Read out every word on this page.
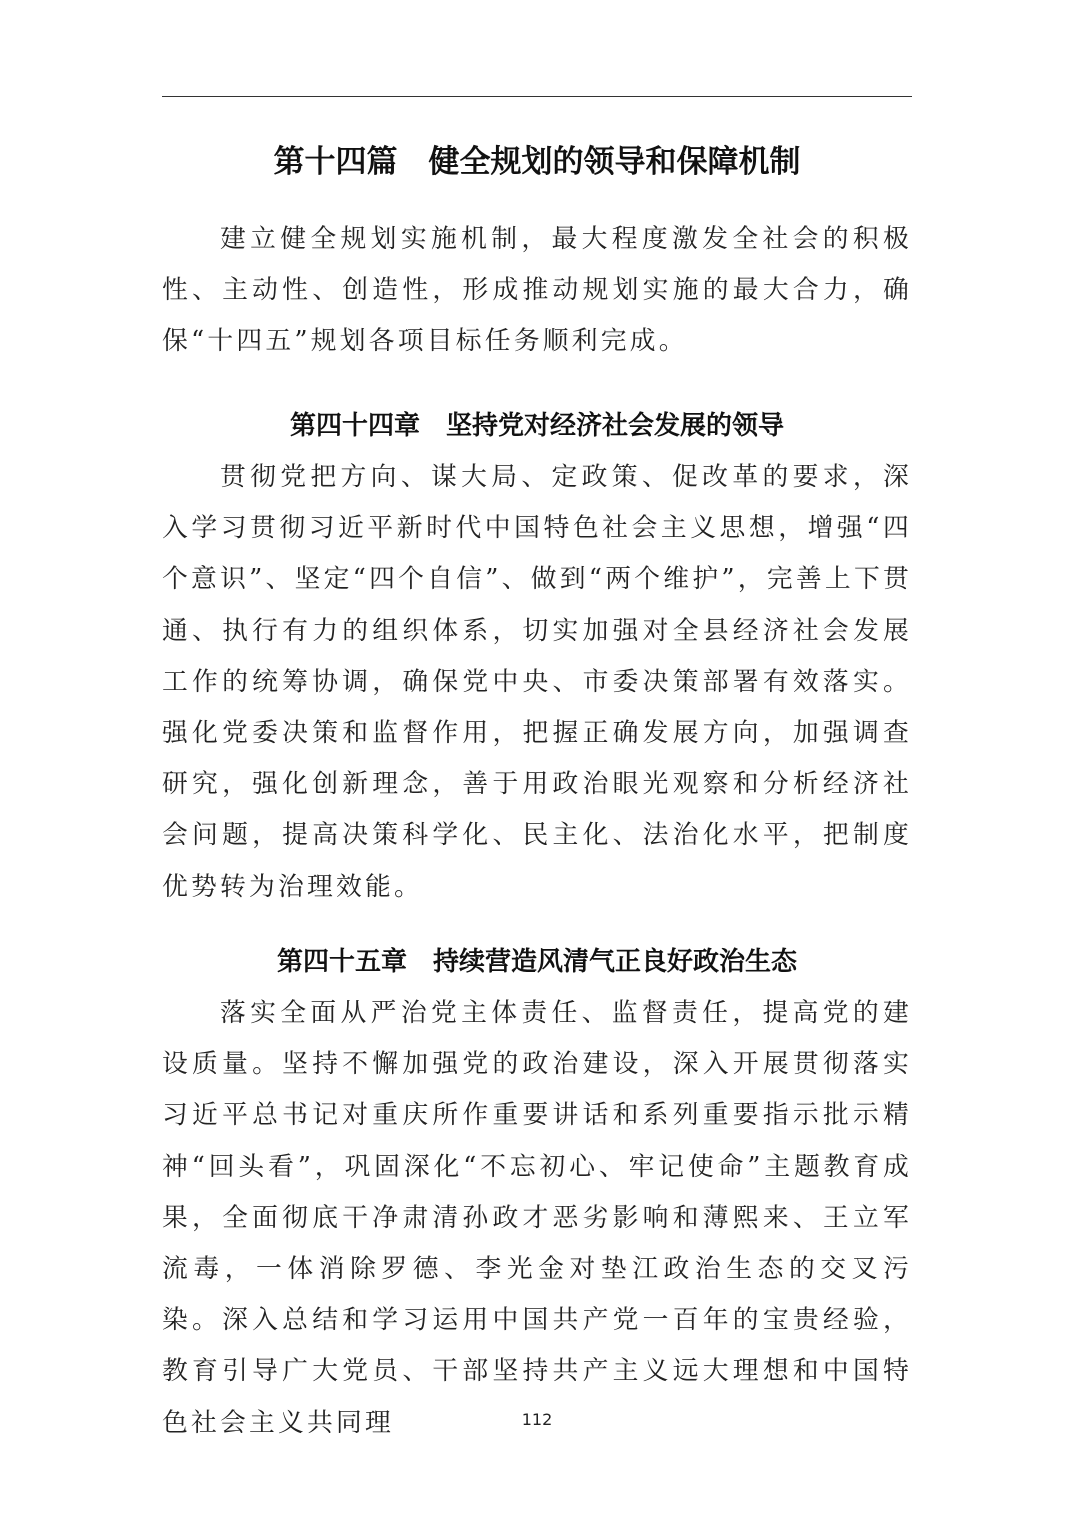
第十四篇　健全规划的领导和保障机制

建立健全规划实施机制，最大程度激发全社会的积极性、主动性、创造性，形成推动规划实施的最大合力，确保“十四五”规划各项目标任务顺利完成。

第四十四章　坚持党对经济社会发展的领导

贯彻党把方向、谋大局、定政策、促改革的要求，深入学习贯彻习近平新时代中国特色社会主义思想，增强“四个意识”、坚定“四个自信”、做到“两个维护”，完善上下贯通、执行有力的组织体系，切实加强对全县经济社会发展工作的统筹协调，确保党中央、市委决策部署有效落实。强化党委决策和监督作用，把握正确发展方向，加强调查研究，强化创新理念，善于用政治眼光观察和分析经济社会问题，提高决策科学化、民主化、法治化水平，把制度优势转为治理效能。

第四十五章　持续营造风清气正良好政治生态

落实全面从严治党主体责任、监督责任，提高党的建设质量。坚持不懈加强党的政治建设，深入开展贯彻落实习近平总书记对重庆所作重要讲话和系列重要指示批示精神“回头看”，巩固深化“不忘初心、牢记使命”主题教育成果，全面彻底干净肃清孙政才恶劣影响和薄熙来、王立军流毒，一体消除罗德、李光金对垫江政治生态的交叉污染。深入总结和学习运用中国共产党一百年的宝贵经验，教育引导广大党员、干部坚持共产主义远大理想和中国特色社会主义共同理	112
